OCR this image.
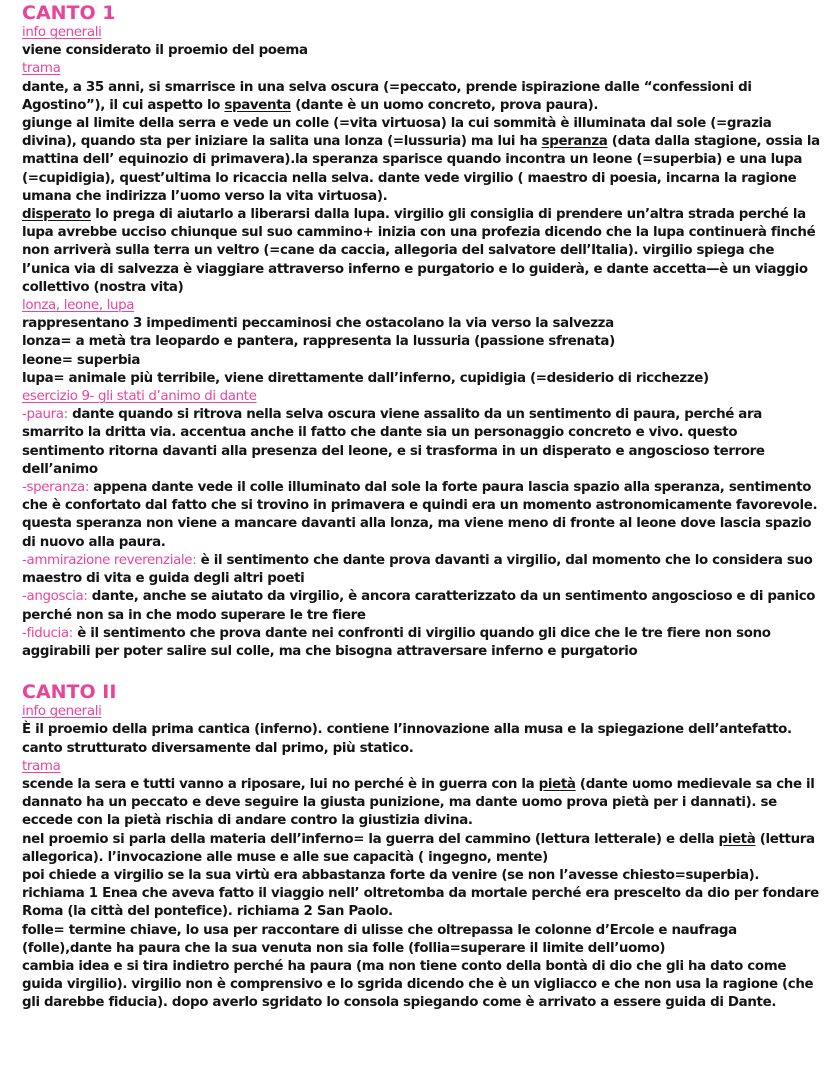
CANTO 1
info generali

viene considerato il proemio del poema

trama

dante, a 35 anni, si smarrisce in una selva oscura (=peccato, prende ispirazione dalle “confessioni di Agostino”), il cui aspetto lo spaventa (dante è un uomo concreto, prova paura).

giunge al limite della serra e vede un colle (=vita virtuosa) la cui sommità è illuminata dal sole (=grazia divina), quando sta per iniziare la salita una lonza (=lussuria) ma lui ha speranza (data dalla stagione, ossia la mattina dell’ equinozio di primavera).la speranza sparisce quando incontra un leone (=superbia) e una lupa (=cupidigia), quest’ultima lo ricaccia nella selva. dante vede virgilio ( maestro di poesia, incarna la ragione umana che indirizza l’uomo verso la vita virtuosa).

disperato lo prega di aiutarlo a liberarsi dalla lupa. virgilio gli consiglia di prendere un’altra strada perché la lupa avrebbe ucciso chiunque sul suo cammino+ inizia con una profezia dicendo che la lupa continuerà finché non arriverà sulla terra un veltro (=cane da caccia, allegoria del salvatore dell’Italia). virgilio spiega che l’unica via di salvezza è viaggiare attraverso inferno e purgatorio e lo guiderà, e dante accetta—è un viaggio collettivo (nostra vita)

lonza, leone, lupa

rappresentano 3 impedimenti peccaminosi che ostacolano la via verso la salvezza

lonza= a metà tra leopardo e pantera, rappresenta la lussuria (passione sfrenata)

leone= superbia

lupa= animale più terribile, viene direttamente dall’inferno, cupidigia (=desiderio di ricchezze)

esercizio 9- gli stati d’animo di dante

-paura: dante quando si ritrova nella selva oscura viene assalito da un sentimento di paura, perché ara smarrito la dritta via. accentua anche il fatto che dante sia un personaggio concreto e vivo. questo sentimento ritorna davanti alla presenza del leone, e si trasforma in un disperato e angoscioso terrore dell’animo

-speranza: appena dante vede il colle illuminato dal sole la forte paura lascia spazio alla speranza, sentimento che è confortato dal fatto che si trovino in primavera e quindi era un momento astronomicamente favorevole. questa speranza non viene a mancare davanti alla lonza, ma viene meno di fronte al leone dove lascia spazio di nuovo alla paura.

-ammirazione reverenziale: è il sentimento che dante prova davanti a virgilio, dal momento che lo considera suo maestro di vita e guida degli altri poeti

-angoscia: dante, anche se aiutato da virgilio, è ancora caratterizzato da un sentimento angoscioso e di panico perché non sa in che modo superare le tre fiere

-fiducia: è il sentimento che prova dante nei confronti di virgilio quando gli dice che le tre fiere non sono aggirabili per poter salire sul colle, ma che bisogna attraversare inferno e purgatorio

CANTO II
info generali

È il proemio della prima cantica (inferno). contiene l’innovazione alla musa e la spiegazione dell’antefatto. canto strutturato diversamente dal primo, più statico.

trama

scende la sera e tutti vanno a riposare, lui no perché è in guerra con la pietà (dante uomo medievale sa che il dannato ha un peccato e deve seguire la giusta punizione, ma dante uomo prova pietà per i dannati). se eccede con la pietà rischia di andare contro la giustizia divina.

nel proemio si parla della materia dell’inferno= la guerra del cammino (lettura letterale) e della pietà (lettura allegorica). l’invocazione alle muse e alle sue capacità ( ingegno, mente)

poi chiede a virgilio se la sua virtù era abbastanza forte da venire (se non l’avesse chiesto=superbia). richiama 1 Enea che aveva fatto il viaggio nell’ oltretomba da mortale perché era prescelto da dio per fondare Roma (la città del pontefice). richiama 2 San Paolo.

folle= termine chiave, lo usa per raccontare di ulisse che oltrepassa le colonne d’Ercole e naufraga (folle),dante ha paura che la sua venuta non sia folle (follia=superare il limite dell’uomo)

cambia idea e si tira indietro perché ha paura (ma non tiene conto della bontà di dio che gli ha dato come guida virgilio). virgilio non è comprensivo e lo sgrida dicendo che è un vigliacco e che non usa la ragione (che gli darebbe fiducia). dopo averlo sgridato lo consola spiegando come è arrivato a essere guida di Dante.
